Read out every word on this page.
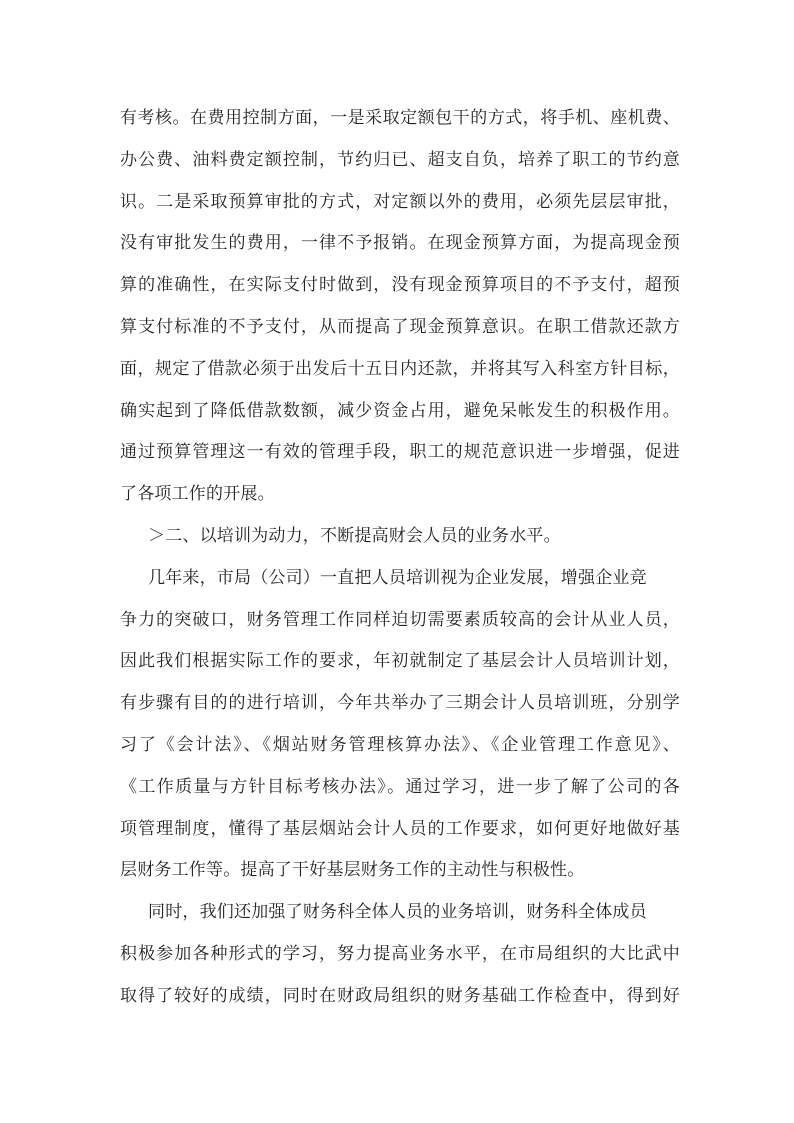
有考核。在费用控制方面，一是采取定额包干的方式，将手机、座机费、
办公费、油料费定额控制，节约归已、超支自负，培养了职工的节约意
识。二是采取预算审批的方式，对定额以外的费用，必须先层层审批，
没有审批发生的费用，一律不予报销。在现金预算方面，为提高现金预
算的准确性，在实际支付时做到，没有现金预算项目的不予支付，超预
算支付标准的不予支付，从而提高了现金预算意识。在职工借款还款方
面，规定了借款必须于出发后十五日内还款，并将其写入科室方针目标，
确实起到了降低借款数额，减少资金占用，避免呆帐发生的积极作用。
通过预算管理这一有效的管理手段，职工的规范意识进一步增强，促进
了各项工作的开展。
＞二、以培训为动力，不断提高财会人员的业务水平。
几年来，市局（公司）一直把人员培训视为企业发展，增强企业竞
争力的突破口，财务管理工作同样迫切需要素质较高的会计从业人员，
因此我们根据实际工作的要求，年初就制定了基层会计人员培训计划，
有步骤有目的的进行培训，今年共举办了三期会计人员培训班，分别学
习了《会计法》、《烟站财务管理核算办法》、《企业管理工作意见》、
《工作质量与方针目标考核办法》。通过学习，进一步了解了公司的各
项管理制度，懂得了基层烟站会计人员的工作要求，如何更好地做好基
层财务工作等。提高了干好基层财务工作的主动性与积极性。
同时，我们还加强了财务科全体人员的业务培训，财务科全体成员
积极参加各种形式的学习，努力提高业务水平，在市局组织的大比武中
取得了较好的成绩，同时在财政局组织的财务基础工作检查中，得到好
